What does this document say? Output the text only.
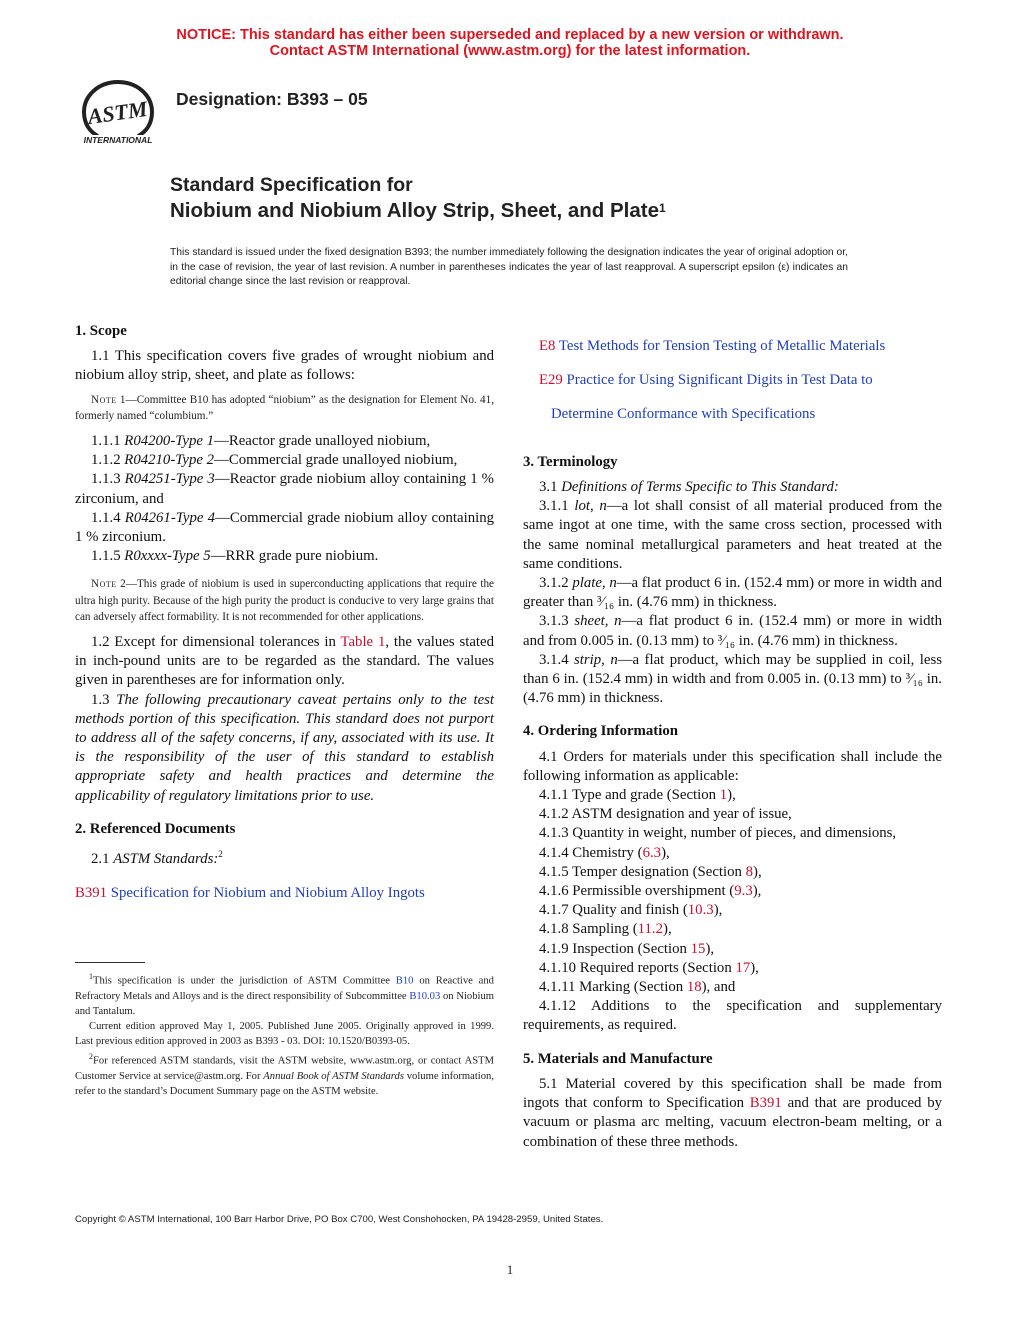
NOTICE: This standard has either been superseded and replaced by a new version or withdrawn.
Contact ASTM International (www.astm.org) for the latest information.
ASTM
INTERNATIONAL
Designation: B393 – 05
Standard Specification for
Niobium and Niobium Alloy Strip, Sheet, and Plate$^1$
This standard is issued under the fixed designation B393; the number immediately following the designation indicates the year of original adoption or, in the case of revision, the year of last revision. A number in parentheses indicates the year of last reapproval. A superscript epsilon (ε) indicates an editorial change since the last revision or reapproval.
1. Scope

1.1 This specification covers five grades of wrought niobium and niobium alloy strip, sheet, and plate as follows:

Note 1—Committee B10 has adopted “niobium” as the designation for Element No. 41, formerly named “columbium.”

1.1.1 R04200-Type 1—Reactor grade unalloyed niobium,

1.1.2 R04210-Type 2—Commercial grade unalloyed niobium,

1.1.3 R04251-Type 3—Reactor grade niobium alloy containing 1 % zirconium, and

1.1.4 R04261-Type 4—Commercial grade niobium alloy containing 1 % zirconium.

1.1.5 R0xxxx-Type 5—RRR grade pure niobium.

Note 2—This grade of niobium is used in superconducting applications that require the ultra high purity. Because of the high purity the product is conducive to very large grains that can adversely affect formability. It is not recommended for other applications.

1.2 Except for dimensional tolerances in Table 1, the values stated in inch-pound units are to be regarded as the standard. The values given in parentheses are for information only.

1.3 The following precautionary caveat pertains only to the test methods portion of this specification. This standard does not purport to address all of the safety concerns, if any, associated with its use. It is the responsibility of the user of this standard to establish appropriate safety and health practices and determine the applicability of regulatory limitations prior to use.

2. Referenced Documents

2.1 ASTM Standards:$^2$

B391 Specification for Niobium and Niobium Alloy Ingots

$^1$This specification is under the jurisdiction of ASTM Committee B10 on Reactive and Refractory Metals and Alloys and is the direct responsibility of Subcommittee B10.03 on Niobium and Tantalum.

Current edition approved May 1, 2005. Published June 2005. Originally approved in 1999. Last previous edition approved in 2003 as B393 - 03. DOI: 10.1520/B0393-05.

$^2$For referenced ASTM standards, visit the ASTM website, www.astm.org, or contact ASTM Customer Service at service@astm.org. For Annual Book of ASTM Standards volume information, refer to the standard’s Document Summary page on the ASTM website.

E8 Test Methods for Tension Testing of Metallic Materials

E29 Practice for Using Significant Digits in Test Data to

Determine Conformance with Specifications

3. Terminology

3.1 Definitions of Terms Specific to This Standard:

3.1.1 lot, n—a lot shall consist of all material produced from the same ingot at one time, with the same cross section, processed with the same nominal metallurgical parameters and heat treated at the same conditions.

3.1.2 plate, n—a flat product 6 in. (152.4 mm) or more in width and greater than ³⁄₁₆ in. (4.76 mm) in thickness.

3.1.3 sheet, n—a flat product 6 in. (152.4 mm) or more in width and from 0.005 in. (0.13 mm) to ³⁄₁₆ in. (4.76 mm) in thickness.

3.1.4 strip, n—a flat product, which may be supplied in coil, less than 6 in. (152.4 mm) in width and from 0.005 in. (0.13 mm) to ³⁄₁₆ in. (4.76 mm) in thickness.

4. Ordering Information

4.1 Orders for materials under this specification shall include the following information as applicable:

4.1.1 Type and grade (Section 1),

4.1.2 ASTM designation and year of issue,

4.1.3 Quantity in weight, number of pieces, and dimensions,

4.1.4 Chemistry (6.3),

4.1.5 Temper designation (Section 8),

4.1.6 Permissible overshipment (9.3),

4.1.7 Quality and finish (10.3),

4.1.8 Sampling (11.2),

4.1.9 Inspection (Section 15),

4.1.10 Required reports (Section 17),

4.1.11 Marking (Section 18), and

4.1.12 Additions to the specification and supplementary requirements, as required.

5. Materials and Manufacture

5.1 Material covered by this specification shall be made from ingots that conform to Specification B391 and that are produced by vacuum or plasma arc melting, vacuum electron-beam melting, or a combination of these three methods.

Copyright © ASTM International, 100 Barr Harbor Drive, PO Box C700, West Conshohocken, PA 19428-2959, United States.
1
